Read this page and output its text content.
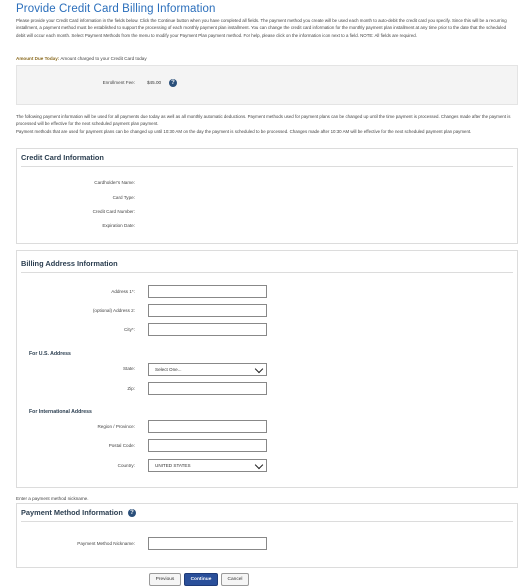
Provide Credit Card Billing Information
Please provide your Credit Card information in the fields below. Click the Continue button when you have completed all fields. The payment method you create will be used each month to auto-debit the credit card you specify. Since this will be a recurring installment, a payment method must be established to support the processing of each monthly payment plan installment. You can change the credit card information for the monthly payment plan installment at any time prior to the date that the scheduled debit will occur each month. Select Payment Methods from the menu to modify your Payment Plan payment method. For help, please click on the information icon next to a field. NOTE: All fields are required.
Amount Due Today: Amount charged to your Credit Card today
Enrollment Fee:	$45.00	?
The following payment information will be used for all payments due today as well as all monthly automatic deductions. Payment methods used for payment plans can be changed up until the time payment is processed. Changes made after the payment is processed will be effective for the next scheduled payment plan payment.
Payment methods that are used for payment plans can be changed up until 10:30 AM on the day the payment is scheduled to be processed. Changes made after 10:30 AM will be effective for the next scheduled payment plan payment.
Credit Card Information
Cardholder's Name:
Card Type:
Credit Card Number:
Expiration Date:
Billing Address Information
Address 1*:
(optional) Address 2:
City*:
For U.S. Address
State:	Select One...
Zip:
For International Address
Region / Province:
Postal Code:
Country:	UNITED STATES
Enter a payment method nickname.
Payment Method Information	?
Payment Method Nickname:
Previous	Continue	Cancel
